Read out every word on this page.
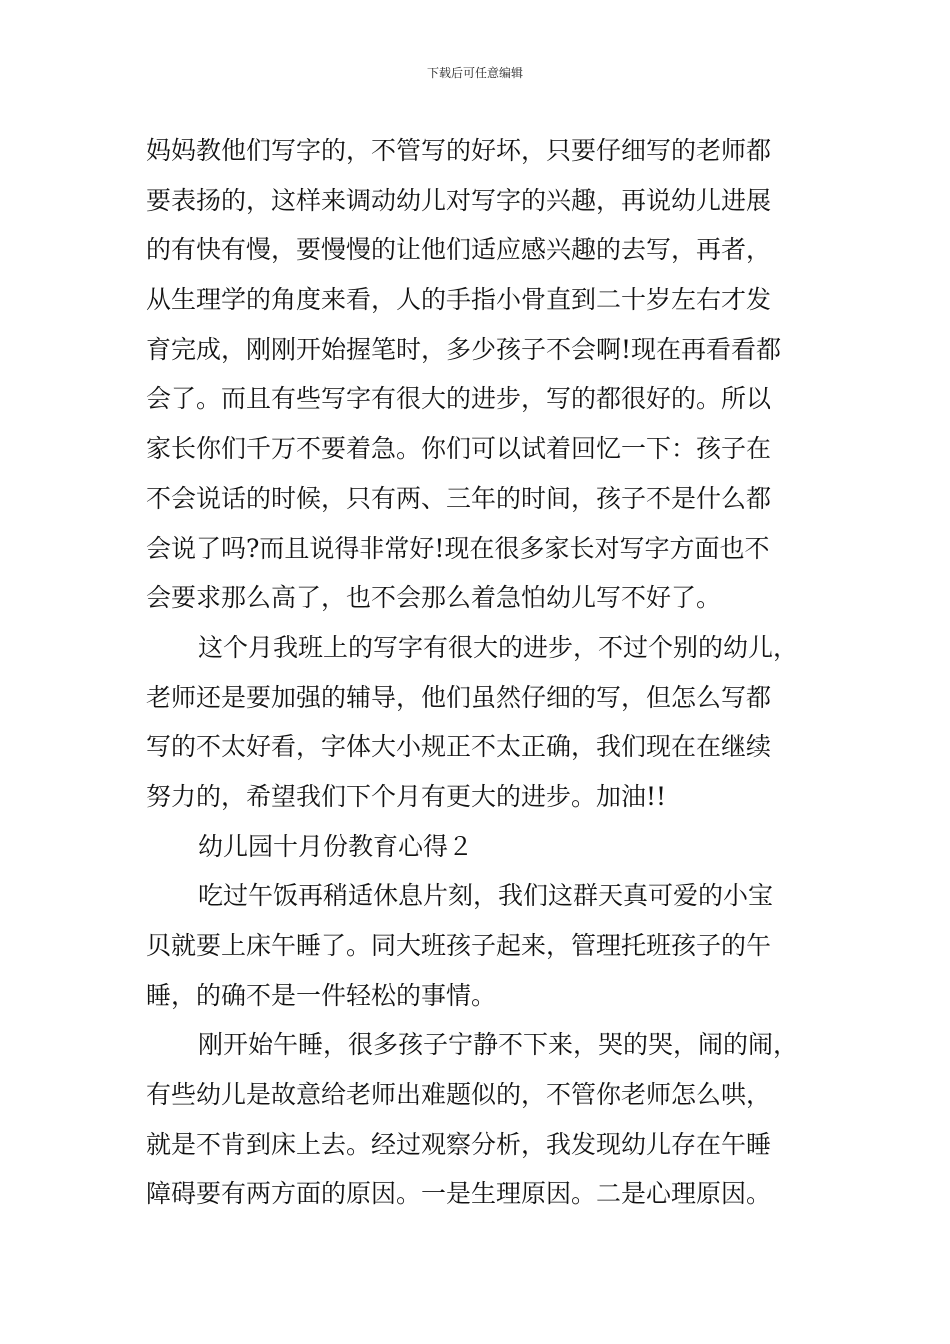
下载后可任意编辑
妈妈教他们写字的，不管写的好坏，只要仔细写的老师都
要表扬的，这样来调动幼儿对写字的兴趣，再说幼儿进展
的有快有慢，要慢慢的让他们适应感兴趣的去写，再者，
从生理学的角度来看，人的手指小骨直到二十岁左右才发
育完成，刚刚开始握笔时，多少孩子不会啊!现在再看看都
会了。而且有些写字有很大的进步，写的都很好的。所以
家长你们千万不要着急。你们可以试着回忆一下：孩子在
不会说话的时候，只有两、三年的时间，孩子不是什么都
会说了吗?而且说得非常好!现在很多家长对写字方面也不
会要求那么高了，也不会那么着急怕幼儿写不好了。
这个月我班上的写字有很大的进步，不过个别的幼儿，
老师还是要加强的辅导，他们虽然仔细的写，但怎么写都
写的不太好看，字体大小规正不太正确，我们现在在继续
努力的，希望我们下个月有更大的进步。加油!!
幼儿园十月份教育心得２
吃过午饭再稍适休息片刻，我们这群天真可爱的小宝
贝就要上床午睡了。同大班孩子起来，管理托班孩子的午
睡，的确不是一件轻松的事情。
刚开始午睡，很多孩子宁静不下来，哭的哭，闹的闹，
有些幼儿是故意给老师出难题似的，不管你老师怎么哄，
就是不肯到床上去。经过观察分析，我发现幼儿存在午睡
障碍要有两方面的原因。一是生理原因。二是心理原因。
